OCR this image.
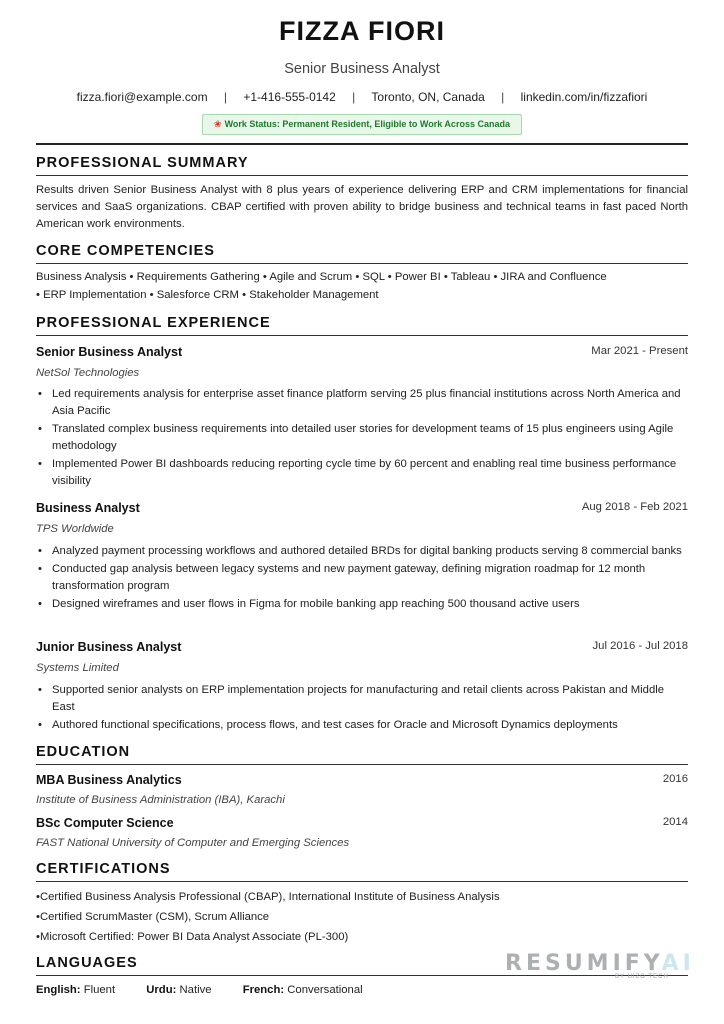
FIZZA FIORI
Senior Business Analyst
fizza.fiori@example.com | +1-416-555-0142 | Toronto, ON, Canada | linkedin.com/in/fizzafiori
❀ Work Status: Permanent Resident, Eligible to Work Across Canada
PROFESSIONAL SUMMARY
Results driven Senior Business Analyst with 8 plus years of experience delivering ERP and CRM implementations for financial services and SaaS organizations. CBAP certified with proven ability to bridge business and technical teams in fast paced North American work environments.
CORE COMPETENCIES
Business Analysis • Requirements Gathering • Agile and Scrum • SQL • Power BI • Tableau • JIRA and Confluence
• ERP Implementation • Salesforce CRM • Stakeholder Management
PROFESSIONAL EXPERIENCE
Senior Business Analyst	Mar 2021 - Present
NetSol Technologies
• Led requirements analysis for enterprise asset finance platform serving 25 plus financial institutions across North America and Asia Pacific
• Translated complex business requirements into detailed user stories for development teams of 15 plus engineers using Agile methodology
• Implemented Power BI dashboards reducing reporting cycle time by 60 percent and enabling real time business performance visibility
Business Analyst	Aug 2018 - Feb 2021
TPS Worldwide
• Analyzed payment processing workflows and authored detailed BRDs for digital banking products serving 8 commercial banks
• Conducted gap analysis between legacy systems and new payment gateway, defining migration roadmap for 12 month transformation program
• Designed wireframes and user flows in Figma for mobile banking app reaching 500 thousand active users
Junior Business Analyst	Jul 2016 - Jul 2018
Systems Limited
• Supported senior analysts on ERP implementation projects for manufacturing and retail clients across Pakistan and Middle East
• Authored functional specifications, process flows, and test cases for Oracle and Microsoft Dynamics deployments
EDUCATION
MBA Business Analytics	2016
Institute of Business Administration (IBA), Karachi
BSc Computer Science	2014
FAST National University of Computer and Emerging Sciences
CERTIFICATIONS
• Certified Business Analysis Professional (CBAP), International Institute of Business Analysis
• Certified ScrumMaster (CSM), Scrum Alliance
• Microsoft Certified: Power BI Data Analyst Associate (PL-300)
LANGUAGES
English: Fluent	Urdu: Native	French: Conversational
RESUMIFYAI
BY UIZO TECH
